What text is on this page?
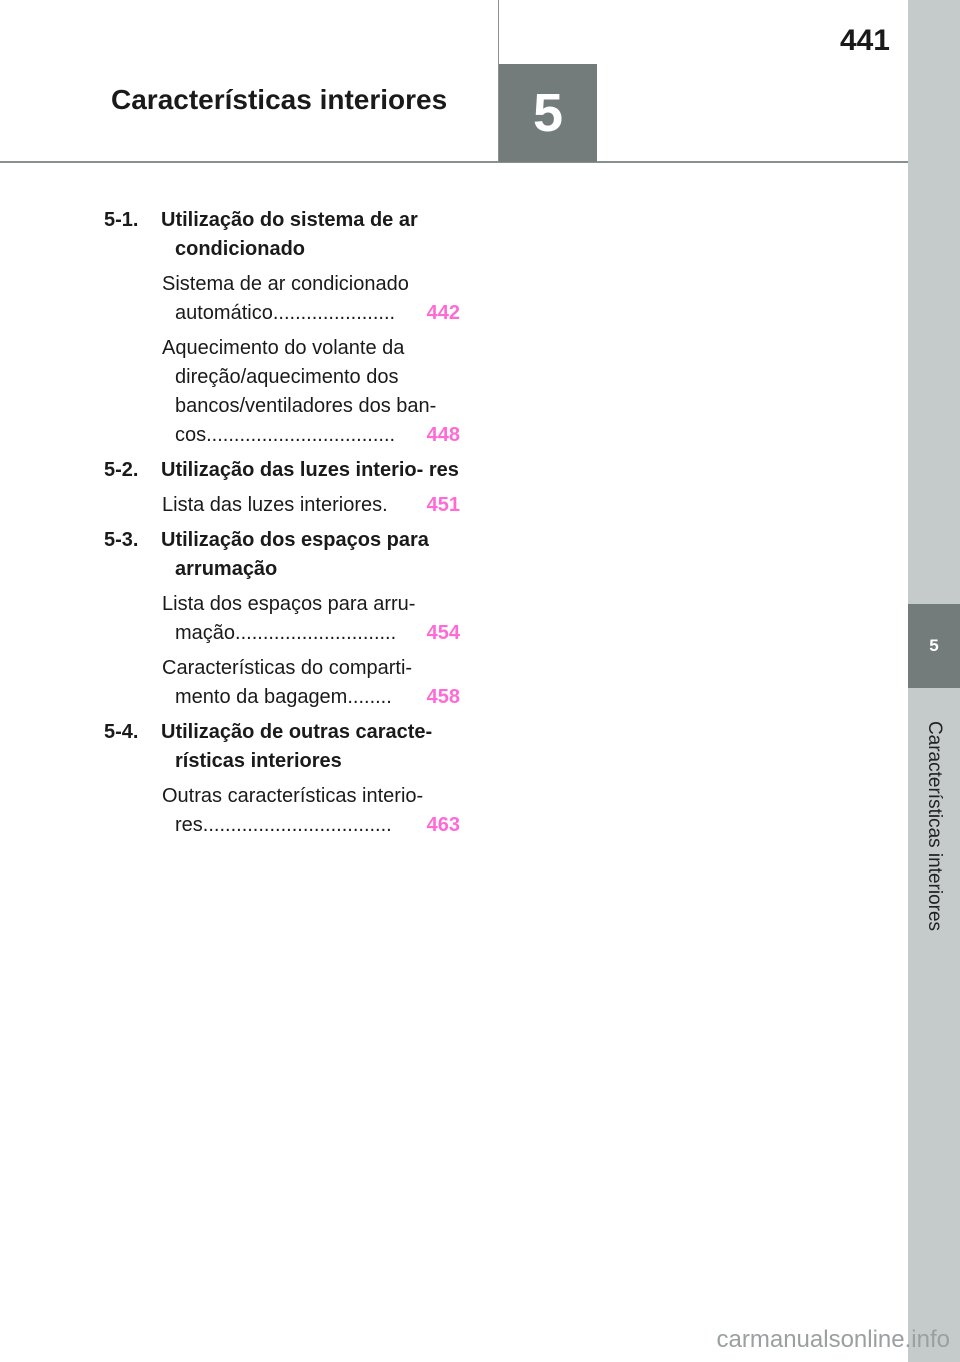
5
Características interiores
441
5
Características interiores
5-1. Utilização do sistema de ar condicionado
Sistema de ar condicionado
automático ......................	442
Aquecimento do volante da direção/aquecimento dos bancos/ventiladores dos ban-
cos ..................................	448
5-2. Utilização das luzes interio- res
Lista das luzes interiores .	451
5-3. Utilização dos espaços para arrumação
Lista dos espaços para arru-
mação .............................	454
Características do comparti-
mento da bagagem ........	458
5-4. Utilização de outras caracte- rísticas interiores
Outras características interio-
res ..................................	463
carmanualsonline.info
